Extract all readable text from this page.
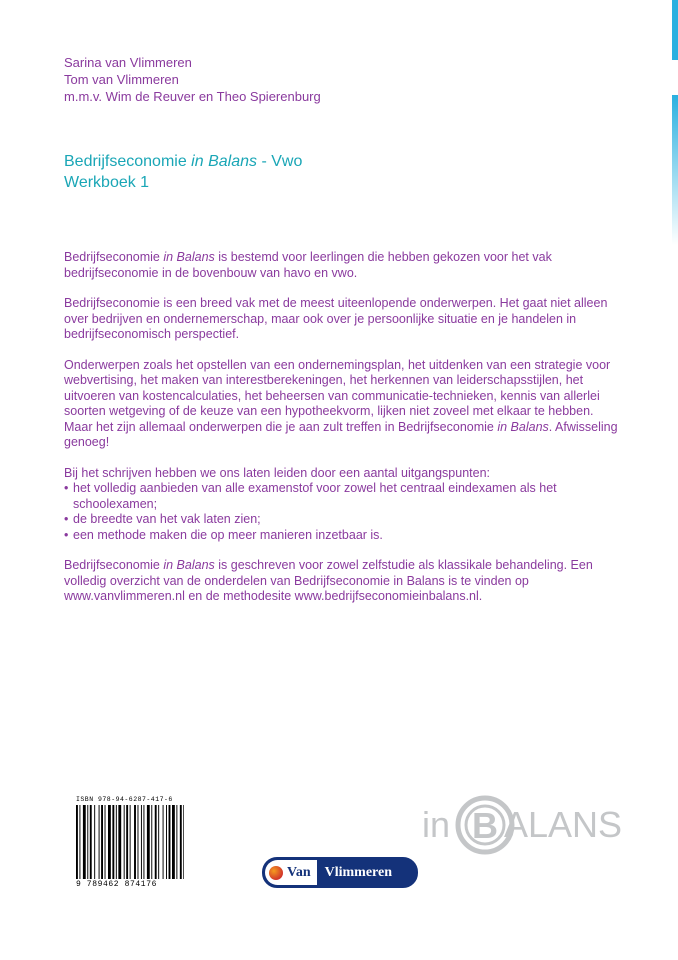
Sarina van Vlimmeren
Tom van Vlimmeren
m.m.v. Wim de Reuver en Theo Spierenburg
Bedrijfseconomie in Balans - Vwo
Werkboek 1

Bedrijfseconomie in Balans is bestemd voor leerlingen die hebben gekozen voor het vak bedrijfseconomie in de bovenbouw van havo en vwo.

Bedrijfseconomie is een breed vak met de meest uiteenlopende onderwerpen. Het gaat niet alleen over bedrijven en ondernemerschap, maar ook over je persoonlijke situatie en je handelen in bedrijfseconomisch perspectief.

Onderwerpen zoals het opstellen van een ondernemingsplan, het uitdenken van een strategie voor webvertising, het maken van interestberekeningen, het herkennen van leiderschapsstijlen, het uitvoeren van kostencalculaties, het beheersen van communicatie-technieken, kennis van allerlei soorten wetgeving of de keuze van een hypotheekvorm, lijken niet zoveel met elkaar te hebben. Maar het zijn allemaal onderwerpen die je aan zult treffen in Bedrijfseconomie in Balans. Afwisseling genoeg!

Bij het schrijven hebben we ons laten leiden door een aantal uitgangspunten:
• het volledig aanbieden van alle examenstof voor zowel het centraal eindexamen als het schoolexamen;
• de breedte van het vak laten zien;
• een methode maken die op meer manieren inzetbaar is.

Bedrijfseconomie in Balans is geschreven voor zowel zelfstudie als klassikale behandeling. Een volledig overzicht van de onderdelen van Bedrijfseconomie in Balans is te vinden op www.vanvlimmeren.nl en de methodesite www.bedrijfseconomieinbalans.nl.

ISBN 978-94-6287-417-6
9 789462 874176
Van Vlimmeren
in B ALANS
